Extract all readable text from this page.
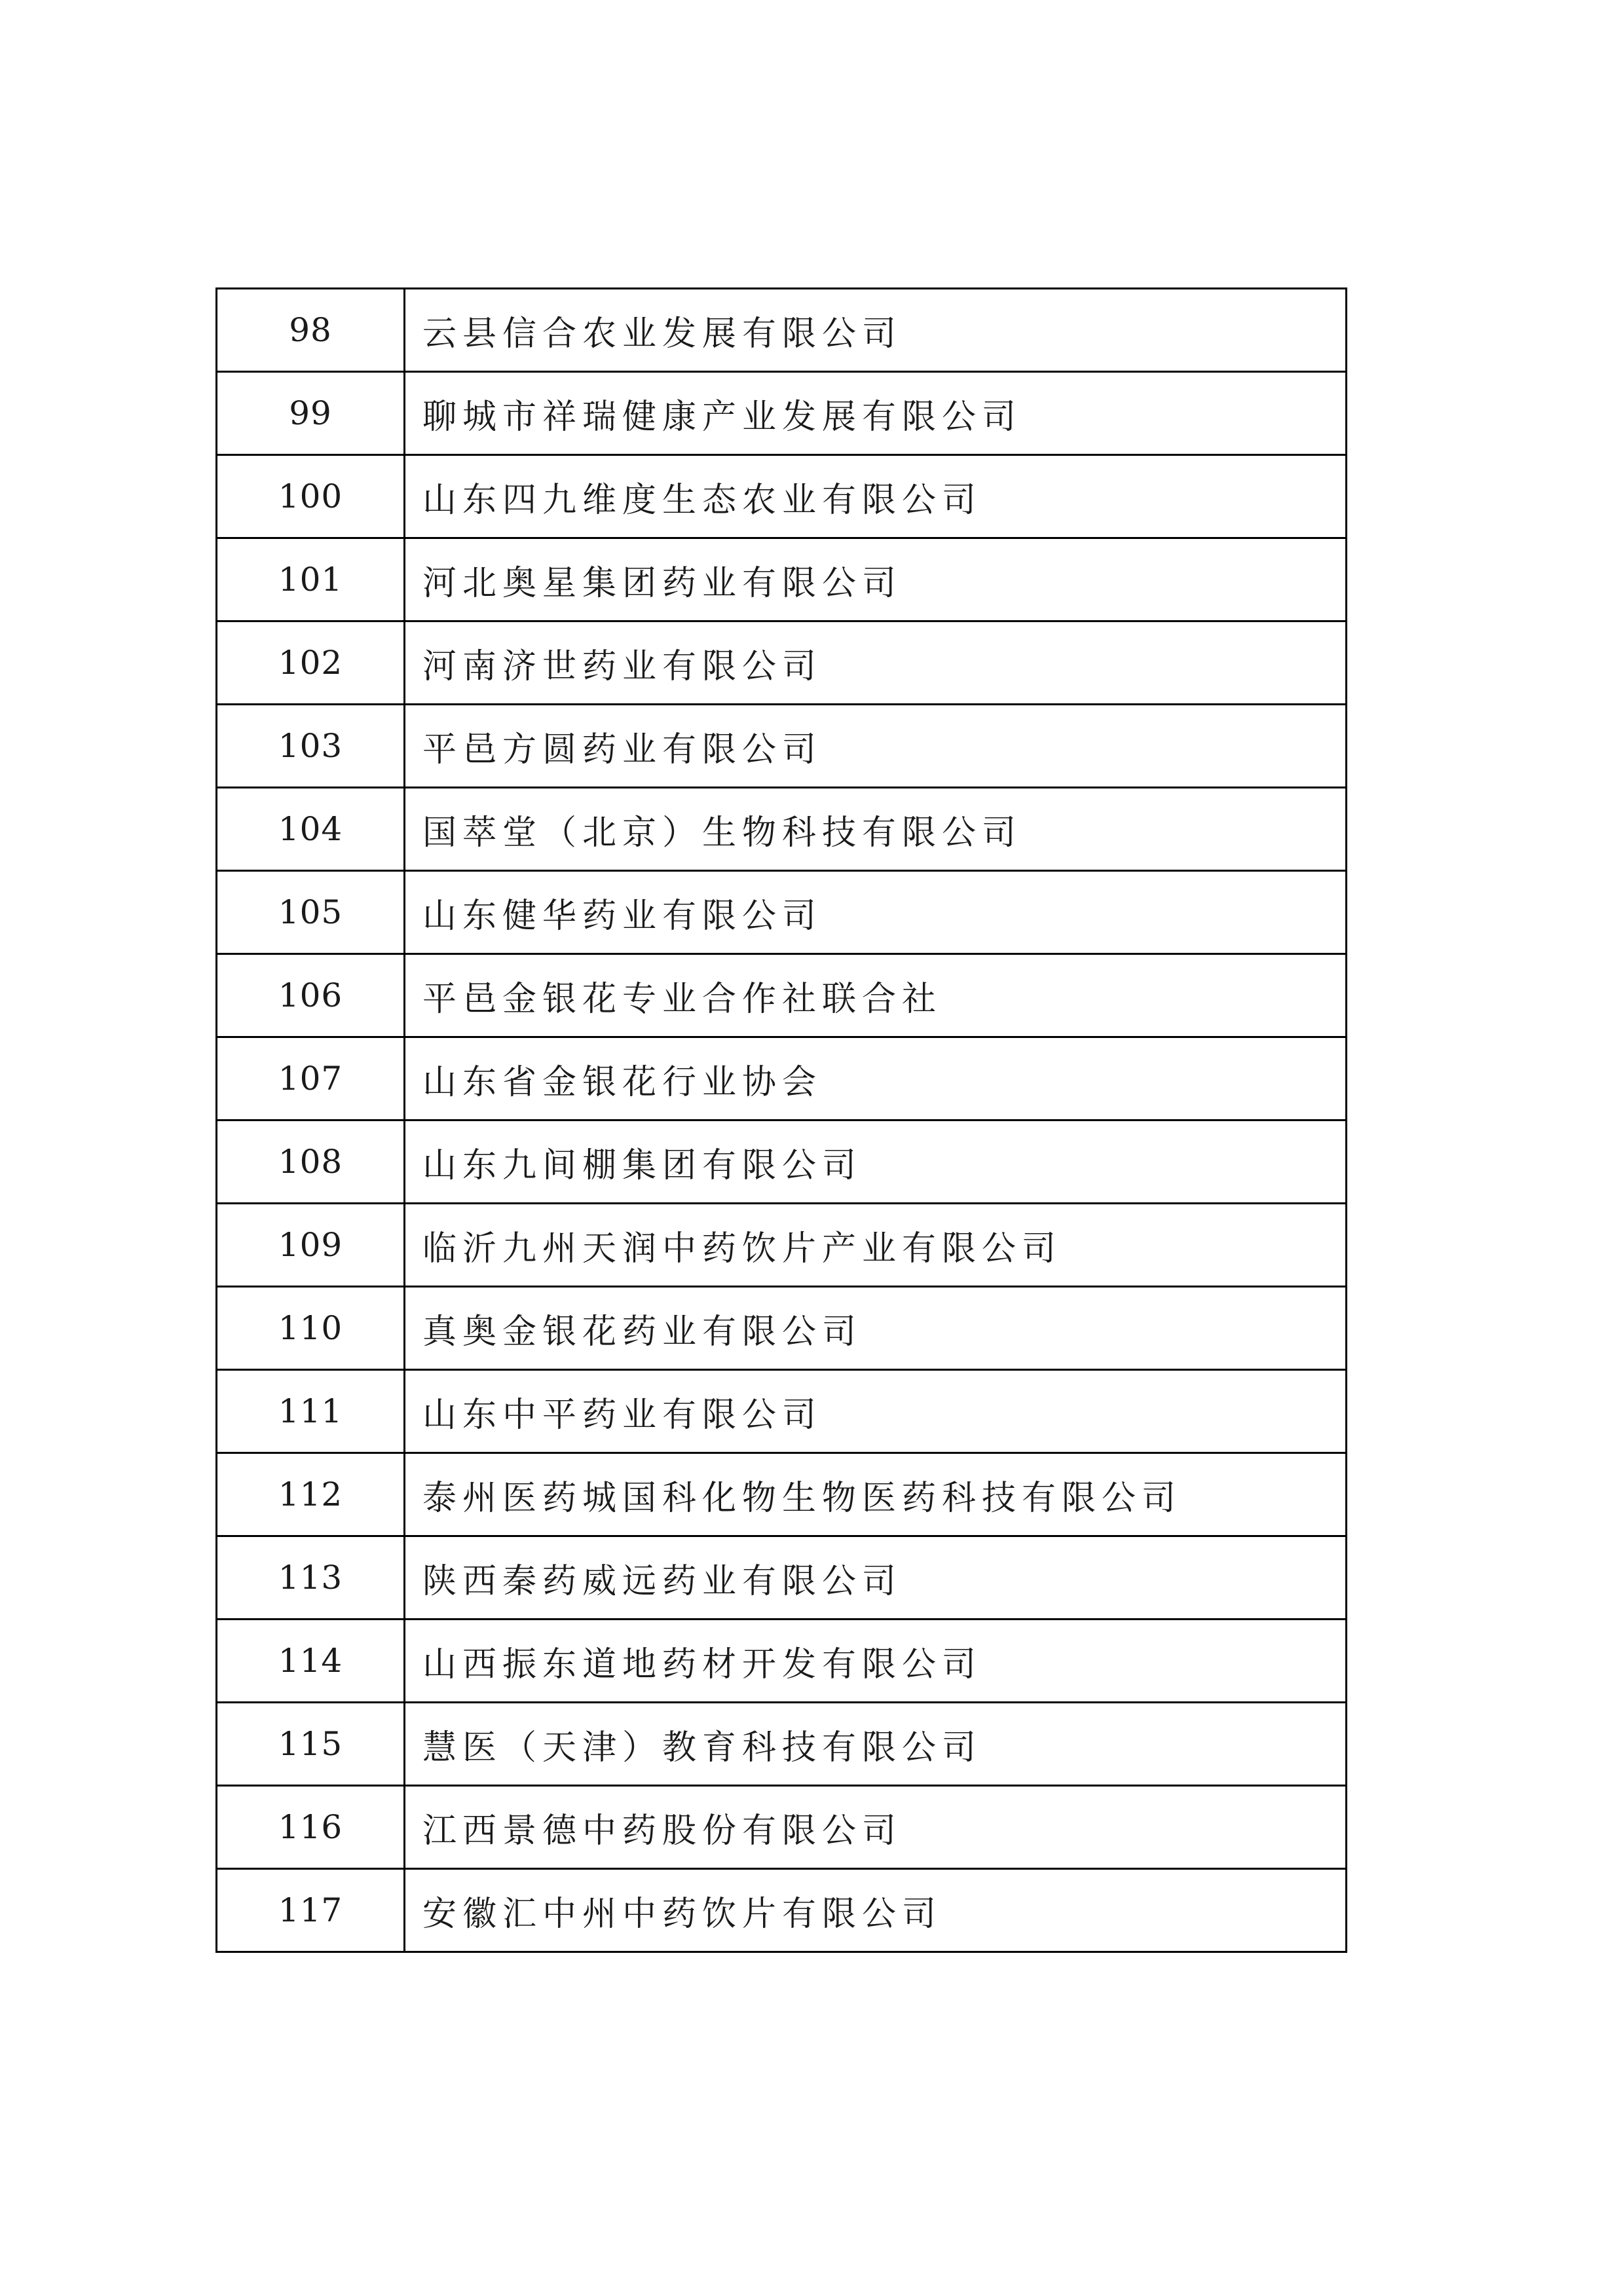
98	云县信合农业发展有限公司
99	聊城市祥瑞健康产业发展有限公司
100	山东四九维度生态农业有限公司
101	河北奥星集团药业有限公司
102	河南济世药业有限公司
103	平邑方圆药业有限公司
104	国萃堂（北京）生物科技有限公司
105	山东健华药业有限公司
106	平邑金银花专业合作社联合社
107	山东省金银花行业协会
108	山东九间棚集团有限公司
109	临沂九州天润中药饮片产业有限公司
110	真奥金银花药业有限公司
111	山东中平药业有限公司
112	泰州医药城国科化物生物医药科技有限公司
113	陕西秦药威远药业有限公司
114	山西振东道地药材开发有限公司
115	慧医（天津）教育科技有限公司
116	江西景德中药股份有限公司
117	安徽汇中州中药饮片有限公司
